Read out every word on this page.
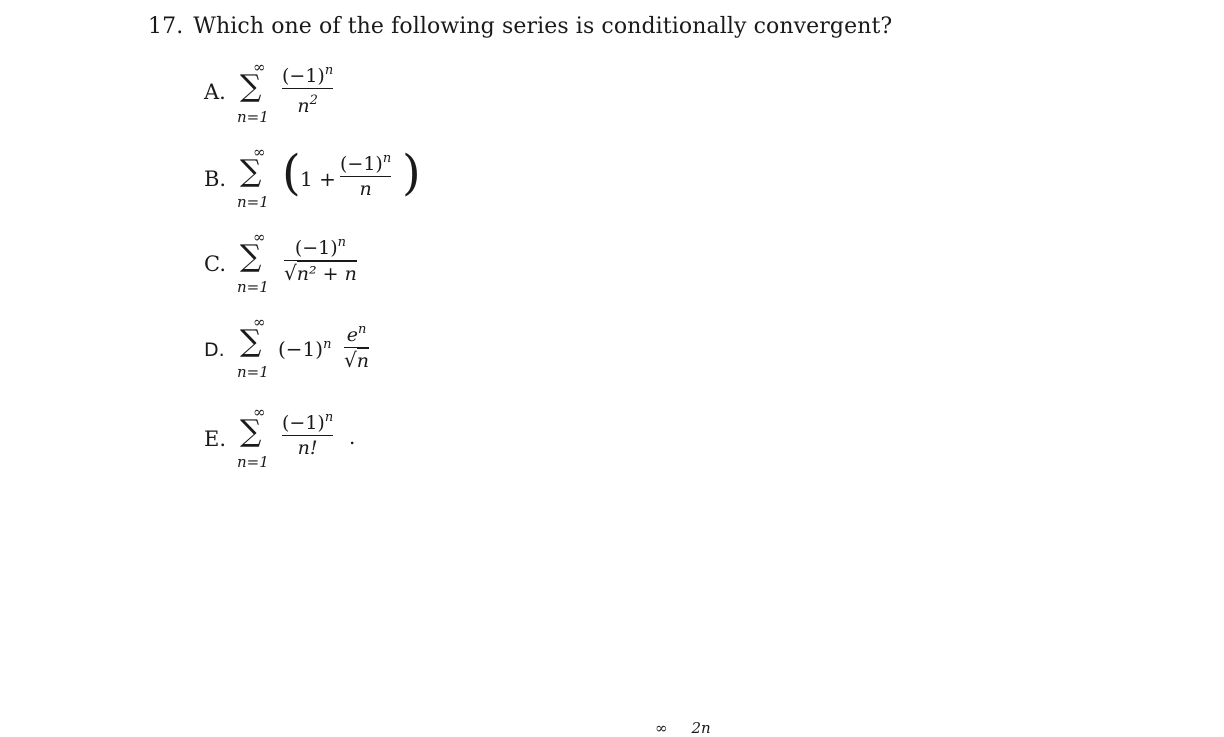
17. Which one of the following series is conditionally convergent?
A.
∞
∑
n=1
$(-1)^n$
$n^2$
B.
∞
∑
n=1
( 1 +
$(-1)^n$
n )
C.
∞
∑
n=1
$(-1)^n$
√n² + n
D.
∞
∑
n=1
$(-1)^n$ $e^n$
√n
E.
∞
∑
n=1
$(-1)^n$
n!	.
∞ 2n
